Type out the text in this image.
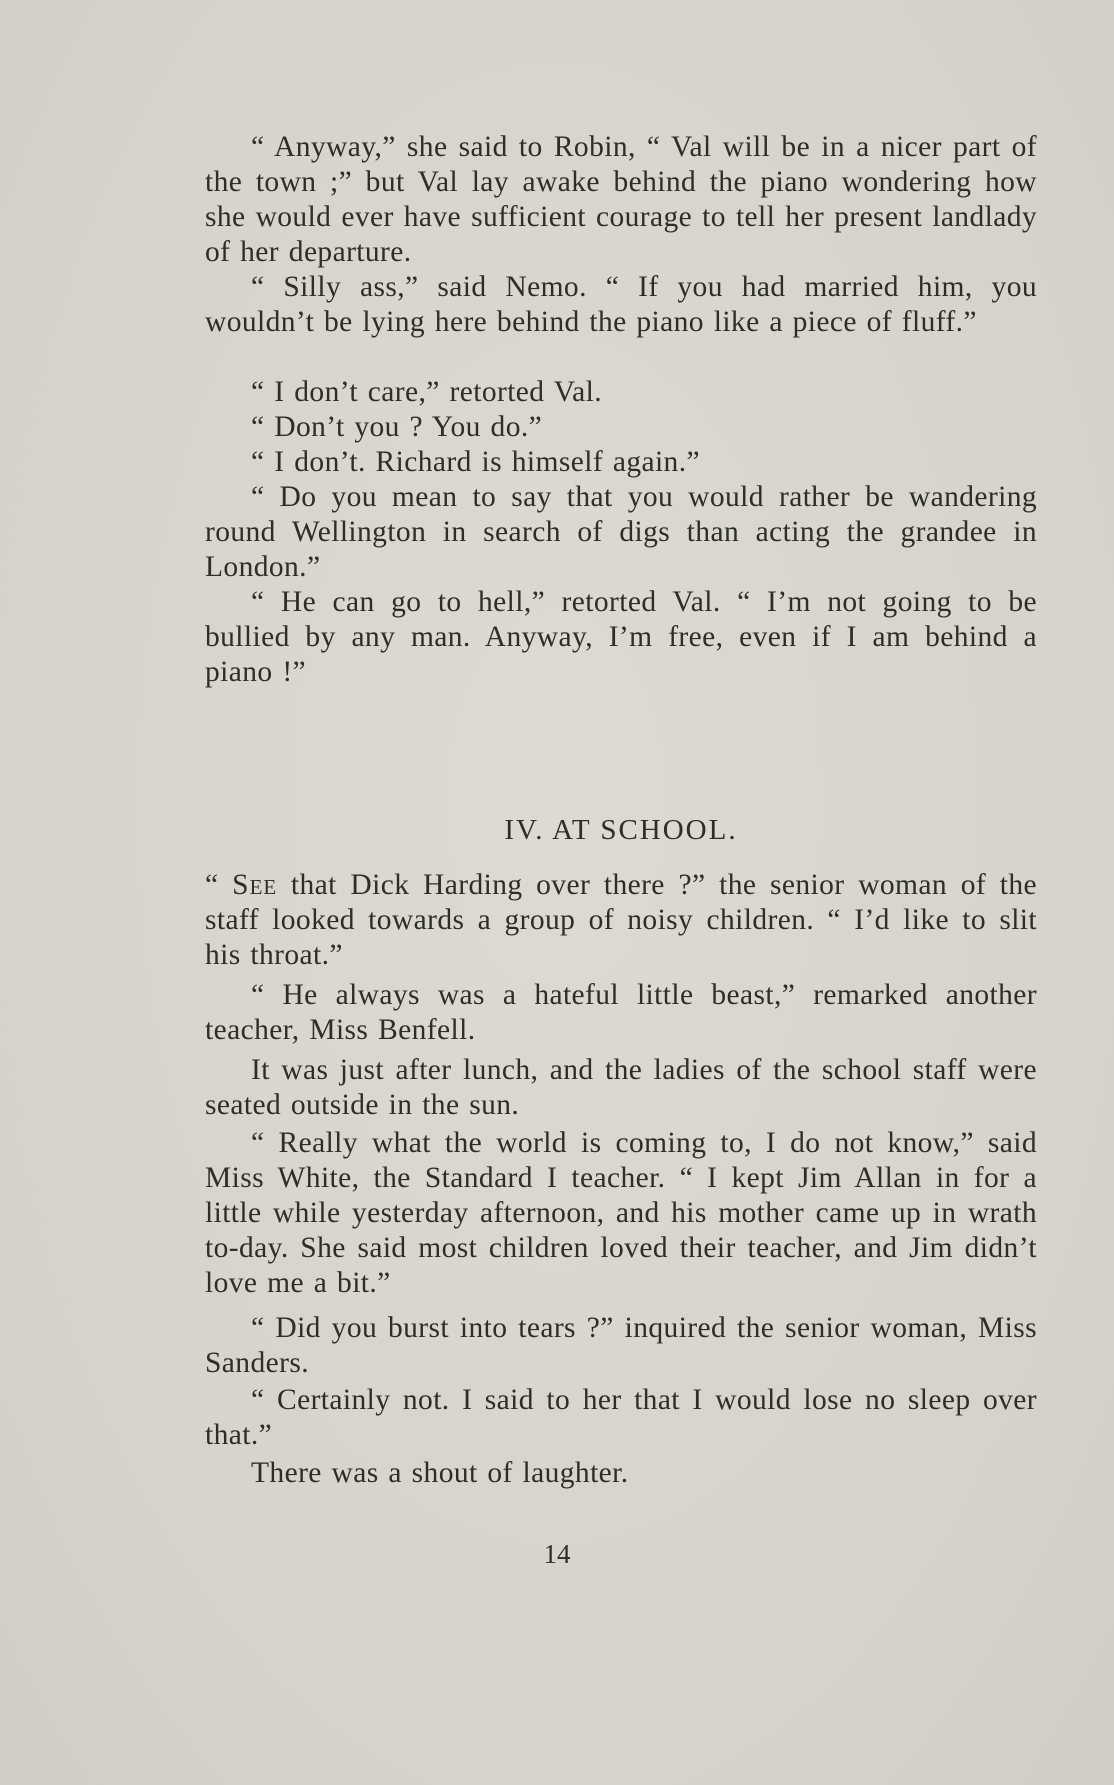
“ Anyway,” she said to Robin, “ Val will be in a nicer part of the town ;” but Val lay awake behind the piano wondering how she would ever have sufficient courage to tell her present landlady of her departure.

“ Silly ass,” said Nemo. “ If you had married him, you wouldn’t be lying here behind the piano like a piece of fluff.”

“ I don’t care,” retorted Val.

“ Don’t you ? You do.”

“ I don’t. Richard is himself again.”

“ Do you mean to say that you would rather be wandering round Wellington in search of digs than acting the grandee in London.”

“ He can go to hell,” retorted Val. “ I’m not going to be bullied by any man. Anyway, I’m free, even if I am behind a piano !”

IV. AT SCHOOL.

“ See that Dick Harding over there ?” the senior woman of the staff looked towards a group of noisy children. “ I’d like to slit his throat.”

“ He always was a hateful little beast,” remarked another teacher, Miss Benfell.

It was just after lunch, and the ladies of the school staff were seated outside in the sun.

“ Really what the world is coming to, I do not know,” said Miss White, the Standard I teacher. “ I kept Jim Allan in for a little while yesterday afternoon, and his mother came up in wrath to-day. She said most children loved their teacher, and Jim didn’t love me a bit.”

“ Did you burst into tears ?” inquired the senior woman, Miss Sanders.

“ Certainly not. I said to her that I would lose no sleep over that.”

There was a shout of laughter.

14
